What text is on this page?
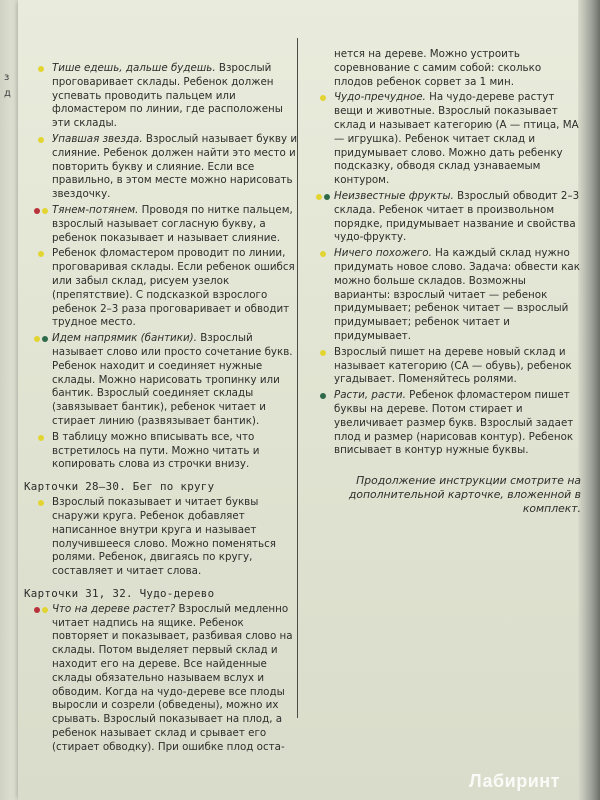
з
д

Тише едешь, дальше будешь. Взрослый проговаривает склады. Ребенок должен успевать проводить пальцем или фломастером по линии, где расположены эти склады.

Упавшая звезда. Взрослый называет букву и слияние. Ребенок должен найти это место и повторить букву и слияние. Если все правильно, в этом месте можно нарисовать звездочку.

Тянем-потянем. Проводя по нитке пальцем, взрослый называет согласную букву, а ребенок показывает и называет слияние.

Ребенок фломастером проводит по линии, проговаривая склады. Если ребенок ошибся или забыл склад, рисуем узелок (препятствие). С подсказкой взрослого ребенок 2–3 раза проговаривает и обводит трудное место.

Идем напрямик (бантики). Взрослый называет слово или просто сочетание букв. Ребенок находит и соединяет нужные склады. Можно нарисовать тропинку или бантик. Взрослый соединяет склады (завязывает бантик), ребенок читает и стирает линию (развязывает бантик).

В таблицу можно вписывать все, что встретилось на пути. Можно читать и копировать слова из строчки внизу.

Карточки 28–30. Бег по кругу

Взрослый показывает и читает буквы снаружи круга. Ребенок добавляет написанное внутри круга и называет получившееся слово. Можно поменяться ролями. Ребенок, двигаясь по кругу, составляет и читает слова.

Карточки 31, 32. Чудо-дерево

Что на дереве растет? Взрослый медленно читает надпись на ящике. Ребенок повторяет и показывает, разбивая слово на склады. Потом выделяет первый склад и находит его на дереве. Все найденные склады обязательно называем вслух и обводим. Когда на чудо-дереве все плоды выросли и созрели (обведены), можно их срывать. Взрослый показывает на плод, а ребенок называет склад и срывает его (стирает обводку). При ошибке плод оста-

нется на дереве. Можно устроить соревнование с самим собой: сколько плодов ребенок сорвет за 1 мин.

Чудо-пречудное. На чудо-дереве растут вещи и животные. Взрослый показывает склад и называет категорию (А — птица, МА — игрушка). Ребенок читает склад и придумывает слово. Можно дать ребенку подсказку, обводя склад узнаваемым контуром.

Неизвестные фрукты. Взрослый обводит 2–3 склада. Ребенок читает в произвольном порядке, придумывает название и свойства чудо-фрукту.

Ничего похожего. На каждый склад нужно придумать новое слово. Задача: обвести как можно больше складов. Возможны варианты: взрослый читает — ребенок придумывает; ребенок читает — взрослый придумывает; ребенок читает и придумывает.

Взрослый пишет на дереве новый склад и называет категорию (СА — обувь), ребенок угадывает. Поменяйтесь ролями.

Расти, расти. Ребенок фломастером пишет буквы на дереве. Потом стирает и увеличивает размер букв. Взрослый задает плод и размер (нарисовав контур). Ребенок вписывает в контур нужные буквы.

Продолжение инструкции смотрите на дополнительной карточке, вложенной в комплект.
Лабиринт
